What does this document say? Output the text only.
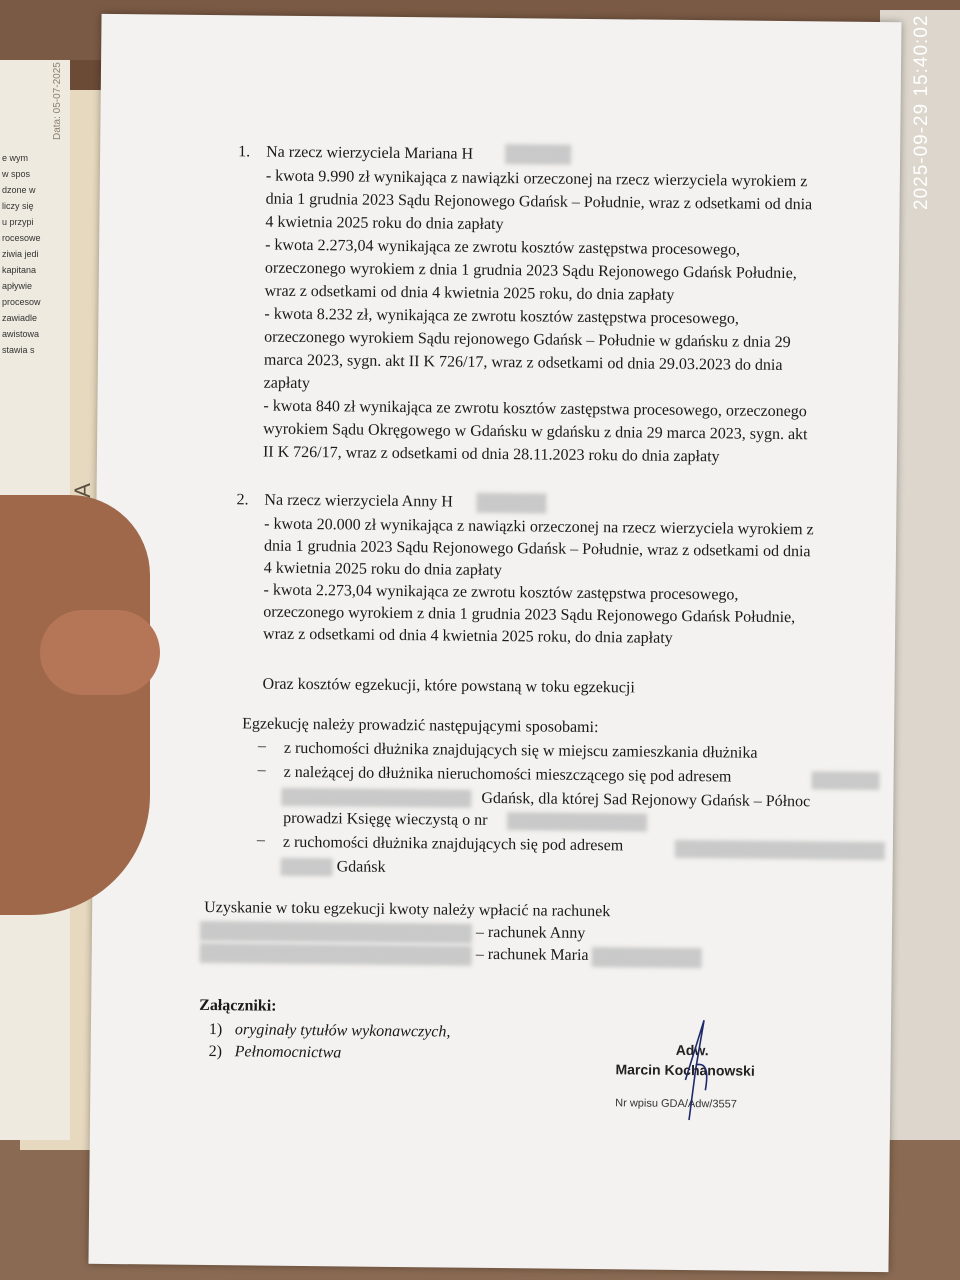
e wym
w spos
dzone w
liczy się
u przypi
rocesowe
ziwia jedi
kapitana
apływie
procesow
zawiadle
awistowa
stawia s
Data: 05-07-2025
1. Na rzecz wierzyciela Mariana H
- kwota 9.990 zł wynikająca z nawiązki orzeczonej na rzecz wierzyciela wyrokiem z
dnia 1 grudnia 2023 Sądu Rejonowego Gdańsk – Południe, wraz z odsetkami od dnia
4 kwietnia 2025 roku do dnia zapłaty
- kwota 2.273,04 wynikająca ze zwrotu kosztów zastępstwa procesowego,
orzeczonego wyrokiem z dnia 1 grudnia 2023 Sądu Rejonowego Gdańsk Południe,
wraz z odsetkami od dnia 4 kwietnia 2025 roku, do dnia zapłaty
- kwota 8.232 zł, wynikająca ze zwrotu kosztów zastępstwa procesowego,
orzeczonego wyrokiem Sądu rejonowego Gdańsk – Południe w gdańsku z dnia 29
marca 2023, sygn. akt II K 726/17, wraz z odsetkami od dnia 29.03.2023 do dnia
zapłaty
- kwota 840 zł wynikająca ze zwrotu kosztów zastępstwa procesowego, orzeczonego
wyrokiem Sądu Okręgowego w Gdańsku w gdańsku z dnia 29 marca 2023, sygn. akt
II K 726/17, wraz z odsetkami od dnia 28.11.2023 roku do dnia zapłaty
2. Na rzecz wierzyciela Anny H
- kwota 20.000 zł wynikająca z nawiązki orzeczonej na rzecz wierzyciela wyrokiem z
dnia 1 grudnia 2023 Sądu Rejonowego Gdańsk – Południe, wraz z odsetkami od dnia
4 kwietnia 2025 roku do dnia zapłaty
- kwota 2.273,04 wynikająca ze zwrotu kosztów zastępstwa procesowego,
orzeczonego wyrokiem z dnia 1 grudnia 2023 Sądu Rejonowego Gdańsk Południe,
wraz z odsetkami od dnia 4 kwietnia 2025 roku, do dnia zapłaty
Oraz kosztów egzekucji, które powstaną w toku egzekucji
Egzekucję należy prowadzić następującymi sposobami:
– z ruchomości dłużnika znajdujących się w miejscu zamieszkania dłużnika
– z należącej do dłużnika nieruchomości mieszczącego się pod adresem
Gdańsk, dla której Sad Rejonowy Gdańsk – Północ
prowadzi Księgę wieczystą o nr
– z ruchomości dłużnika znajdujących się pod adresem
Gdańsk
Uzyskanie w toku egzekucji kwoty należy wpłacić na rachunek
– rachunek Anny
– rachunek Maria
Załączniki:
1) oryginały tytułów wykonawczych,
2) Pełnomocnictwa	Adw.
Marcin Kochanowski
Nr wpisu GDA/Adw/3557
2025-09-29 15:40:02
